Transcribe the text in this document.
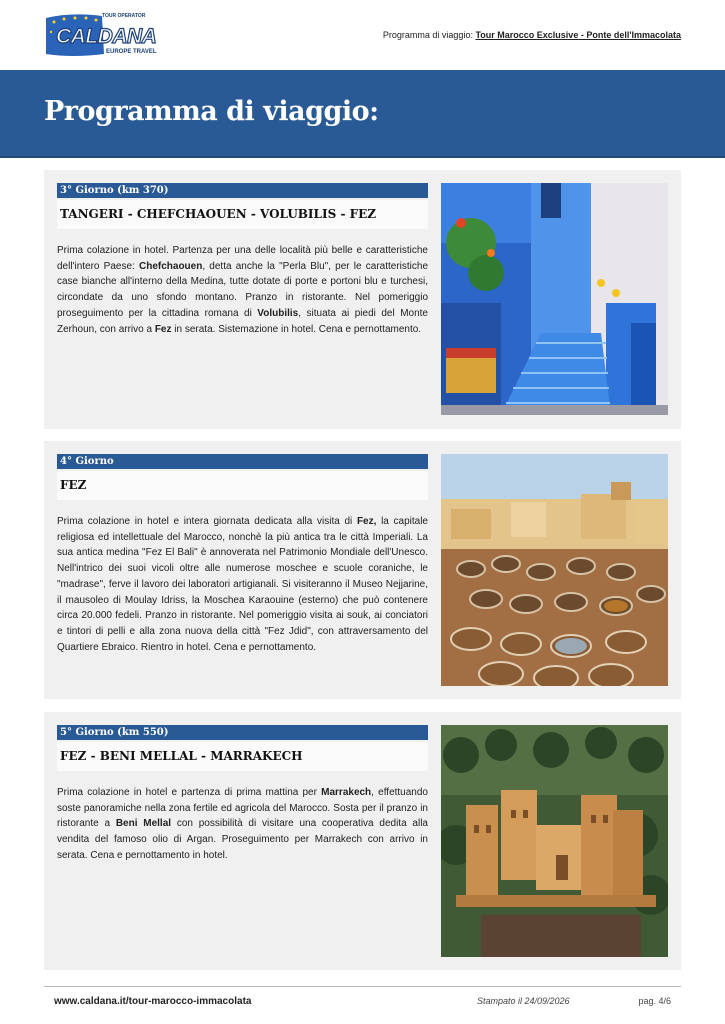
TOUR OPERATOR
CALDANA
EUROPE TRAVEL
Programma di viaggio: Tour Marocco Exclusive - Ponte dell'Immacolata
Programma di viaggio:
3° Giorno (km 370)
TANGERI - CHEFCHAOUEN - VOLUBILIS - FEZ
Prima colazione in hotel. Partenza per una delle località più belle e caratteristiche dell'intero Paese: Chefchaouen, detta anche la "Perla Blu", per le caratteristiche case bianche all'interno della Medina, tutte dotate di porte e portoni blu e turchesi, circondate da uno sfondo montano. Pranzo in ristorante. Nel pomeriggio proseguimento per la cittadina romana di Volubilis, situata ai piedi del Monte Zerhoun, con arrivo a Fez in serata. Sistemazione in hotel. Cena e pernottamento.
4° Giorno
FEZ
Prima colazione in hotel e intera giornata dedicata alla visita di Fez, la capitale religiosa ed intellettuale del Marocco, nonchè la più antica tra le città Imperiali. La sua antica medina "Fez El Bali" è annoverata nel Patrimonio Mondiale dell'Unesco. Nell'intrico dei suoi vicoli oltre alle numerose moschee e scuole coraniche, le "madrase", ferve il lavoro dei laboratori artigianali. Si visiteranno il Museo Nejjarine, il mausoleo di Moulay Idriss, la Moschea Karaouine (esterno) che può contenere circa 20.000 fedeli. Pranzo in ristorante. Nel pomeriggio visita ai souk, ai conciatori e tintori di pelli e alla zona nuova della città "Fez Jdid", con attraversamento del Quartiere Ebraico. Rientro in hotel. Cena e pernottamento.
5° Giorno (km 550)
FEZ - BENI MELLAL - MARRAKECH
Prima colazione in hotel e partenza di prima mattina per Marrakech, effettuando soste panoramiche nella zona fertile ed agricola del Marocco. Sosta per il pranzo in ristorante a Beni Mellal con possibilità di visitare una cooperativa dedita alla vendita del famoso olio di Argan. Proseguimento per Marrakech con arrivo in serata. Cena e pernottamento in hotel.
www.caldana.it/tour-marocco-immacolata	Stampato il 24/09/2026	pag. 4/6
